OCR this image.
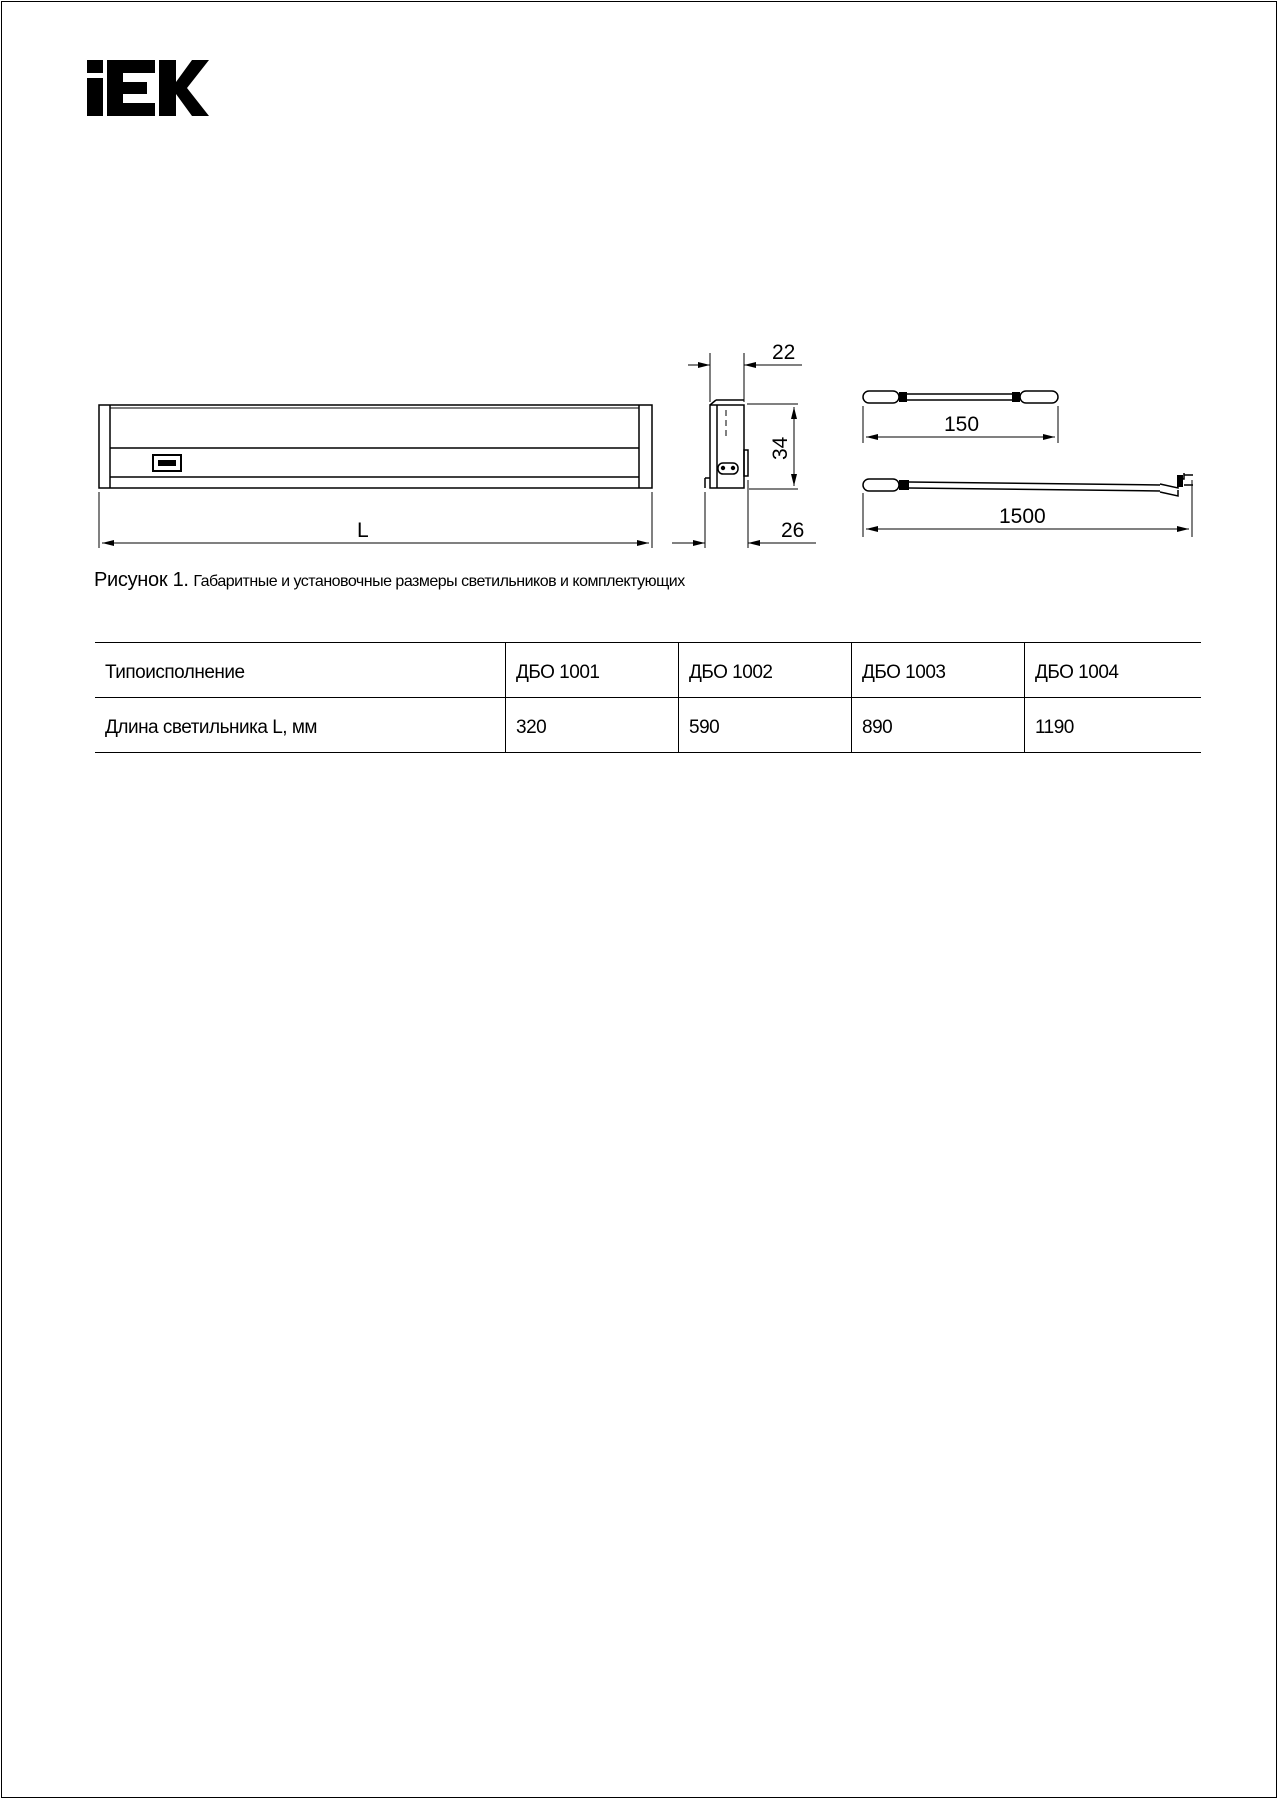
L
22
34
26
150
1500
Рисунок 1. Габаритные и установочные размеры светильников и комплектующих
Типоисполнение	ДБО 1001	ДБО 1002	ДБО 1003	ДБО 1004
Длина светильника L, мм	320	590	890	1190
